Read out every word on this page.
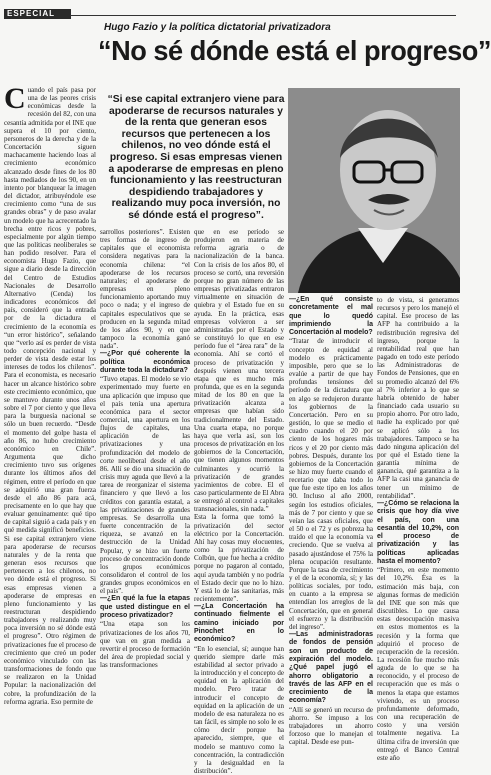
ESPECIAL
Hugo Fazio y la política dictatorial privatizadora
“No sé dónde está el progreso”
C uando el país pasa por una de las peores crisis económicas desde la recesión del 82, con una cesantía admitida por el INE que supera el 10 por ciento, personeros de la derecha y de la Concertación siguen machacamente haciendo loas al crecimiento económico alcanzado desde fines de los 80 hasta mediados de los 90, en un intento por blanquear la imagen del dictador, atribuyéndole ese crecimiento como “una de sus grandes obras” y de paso avalar un modelo que ha acrecentado la brecha entre ricos y pobres, especialmente por algún tiempo que las políticas neoliberales se han podido resolver. Para el economista Hugo Fazio, que sigue a diario desde la dirección del Centro de Estudios Nacionales de Desarrollo Alternativo (Cenda) los indicadores económicos del país, consideró que la entrada por de la dictadura el crecimiento de la economía es “un error histórico”, señalando que “verlo así es perder de vista todo concepción nacional y perder de vista desde estar los intereses de todos los chilenos”. Para el economista, es necesario hacer un alcance histórico sobre este crecimiento económico, que se mantuvo durante unos años sobre el 7 por ciento y que lleva para la burguesía nacional se sólo un buen recuerdo. “Desde el momento del golpe hasta el año 86, no hubo crecimiento económico en Chile”. Argumenta que dicho crecimiento tuvo sus orígenes durante los últimos años del régimen, entre el período en que se adquirió una gran fuerza desde el año 86 para acá, precisamente en lo que hay que evaluar genuinamente: qué tipo de capital siguió a cada país y en qué medida significó beneficios. Si ese capital extranjero viene para apoderarse de recursos naturales y de la renta que generan esos recursos que pertenecen a los chilenos, no veo dónde está el progreso. Si esas empresas vienen a apoderarse de empresas en pleno funcionamiento y las reestructuran despidiendo trabajadores y realizando muy poca inversión no sé dónde está el progreso”. Otro régimen de privatizaciones fue el proceso de crecimiento que creó un poder económico vinculado con las transformaciones de fondo que se realizaron en la Unidad Popular: la nacionalización del cobre, la profundización de la reforma agraria. Eso permite de

“Si ese capital extranjero viene para apoderarse de recursos naturales y de la renta que generan esos recursos que pertenecen a los chilenos, no veo dónde está el progreso. Si esas empresas vienen a apoderarse de empresas en pleno funcionamiento y las reestructuran despidiendo trabajadores y realizando muy poca inversión, no sé dónde está el progreso”.

sarrollos posteriores”. Existen tres formas de ingreso de capitales que el economista considera negativas para la economía chilena: “el apoderarse de los recursos naturales; el apoderarse de empresas en pleno funcionamiento aportando muy poco o nada; y el ingreso de capitales especulativos que se producen en la segunda mitad de los años 90, y en que tampoco la economía ganó nada”.

—¿Por qué coherente la política económica durante toda la dictadura?

“Tuvo etapas. El modelo se vio experimentado muy fuerte en una aplicación que impuso que el país tenía una apertura económica para el sector comercial, una apertura en los flujos de capitales, una aplicación de las privatizaciones y una profundización del modelo de corte neoliberal desde el año 86. Allí se dio una situación de crisis muy aguda que llevó a la tarea de reorganizar el sistema financiero y que llevó a los créditos con garantía estatal, a las privatizaciones de grandes empresas. Se desarrolla una fuerte concentración de la riqueza, se avanzó en la destrucción de la Unidad Popular, y se hizo un fuerte proceso de concentración donde los grupos económicos consolidaron el control de los grandes grupos económicos en el país”.

—¿En qué la fue la etapas que usted distingue en el proceso privatizador?

“Una etapa son los privatizaciones de los años 70, que van en gran medida a revertir el proceso de formación del área de propiedad social y las transformaciones

que en ese período se produjeron en materia de reforma agraria o de nacionalización de la banca. Con la crisis de los años 80, el proceso se cortó, una reversión porque no gran número de las empresas privatizadas entraron virtualmente en situación de quiebra y el Estado fue en su ayuda. En la práctica, esas empresas volvieron a ser administradas por el Estado y se constituyó lo que en ese período fue el “área rara” de la economía. Ahí se cortó el proceso de privatización y después vienen una tercera etapa que es mucho más profunda, que es en la segunda mitad de los 80 en que la privatización alcanza a empresas que habían sido tradicionalmente del Estado. Una cuarta etapa, no porque haya que verla así, son los procesos de privatización en los gobiernos de la Concertación, que tienen algunos momentos culminantes y ocurrió la privatización de grandes yacimientos de cobre. El el caso particularmente de El Abra se entregó al control a capitales transnacionales, sin nada.”

Esta la forma que tomó la privatización del sector eléctrico por la Concertación. Ahí hay cosas muy elocuentes, como la privatización de Colbún, que fue hecha a crédito porque no pagaron al contado, aquí ayuda también y no podría el Estado decir que no lo hizo. Y está lo de las sanitarias, más recientemente”.

—¿La Concertación ha continuado fielmente el camino iniciado por Pinochet en lo económico?

“En lo esencial, sí; aunque han querido siempre darle más estabilidad al sector privado a la introducción y el concepto de equidad en la aplicación del modelo. Pero tratar de introducir el concepto de equidad en la aplicación de un modelo de esa naturaleza no es tan fácil, es simple no solo le es cómo decir porque ha aparecido, siempre, que el modelo se mantuvo como la concentración, la contradicción y la desigualdad en la distribución”.

—¿En qué consiste concretamente el mal que lo quedó imprimiendo la Concertación al modelo?

“Tratar de introducir el concepto de equidad al modelo es prácticamente imposible, pero que se lo evalúe a partir de que hay profundas tensiones del período de la dictadura que en algo se redujeron durante los gobiernos de la Concertación. Pero en su gestión, lo que se medio el cuadro cuando el 20 por ciento de los hogares más ricos y el 20 por ciento más pobres. Después, durante los gobiernos de la Concertación se hizo muy fuerte cuando el recetario que daba todo lo que fue este tipo en los años 90. Incluso al año 2000, según los estudios oficiales, más de 7 por ciento y que se veían las casas oficiales, que el 50 o el 72 y es pobreza ha traído el que la economía va creciendo. Que se vuelva al pasado ajustándose el 75% la plena ocupación resultante. Porque la tasa de crecimiento y el de la economía, sí; y las políticas sociales, por todo, en cuanto a la empresa se entendían los arreglos de la Concertación, que en general el esfuerzo y la distribución del ingreso”.

—Las administradoras de fondos de pensión son un producto de expiración del modelo. ¿Qué papel jugó el ahorro obligatorio a través de las AFP en el crecimiento de la economía?

“Allí se generó un recurso de ahorro. Se impuso a los trabajadores un ahorro forzoso que lo manejan el capital. Desde ese pun-

to de vista, si generamos recursos y pero los manejó el capital. Ese proceso de las AFP ha contribuido a la redistribución regresiva del ingreso, porque la rentabilidad real que han pagado en todo este período las Administradoras de Fondos de Pensiones, que en su promedio alcanzó del 6% al 7% inferior a lo que se habría obtenido de haber financiado cada usuario su propio ahorro. Por otro lado, nadie ha explicado por qué se aplicó sólo a los trabajadores. Tampoco se ha dado ninguna aplicación del por qué el Estado tiene la garantía mínima de ganancia, qué garantiza a la AFP la casi una ganancia de tener un mínimo de rentabilidad”.

—¿Cómo se relaciona la crisis que hoy día vive el país, con una cesantía del 10,2%, con el proceso de privatización y las políticas aplicadas hasta el momento?

“Primero, en este momento del 10,2%. Ésa es la estimación más baja, con algunas formas de medición del INE que son más que discutibles. Lo que causa estas desocupación masiva en estos momentos es la recesión y la forma que adquirió el proceso de recuperación de la recesión. La recesión fue mucho más aguda de lo que se ha reconocido, y el proceso de recuperación que es más o menos la etapa que estamos viviendo, es un proceso profundamente deformado, con una recuperación de costo y una versión totalmente negativa. La última cifra de inversión que entregó el Banco Central este año
